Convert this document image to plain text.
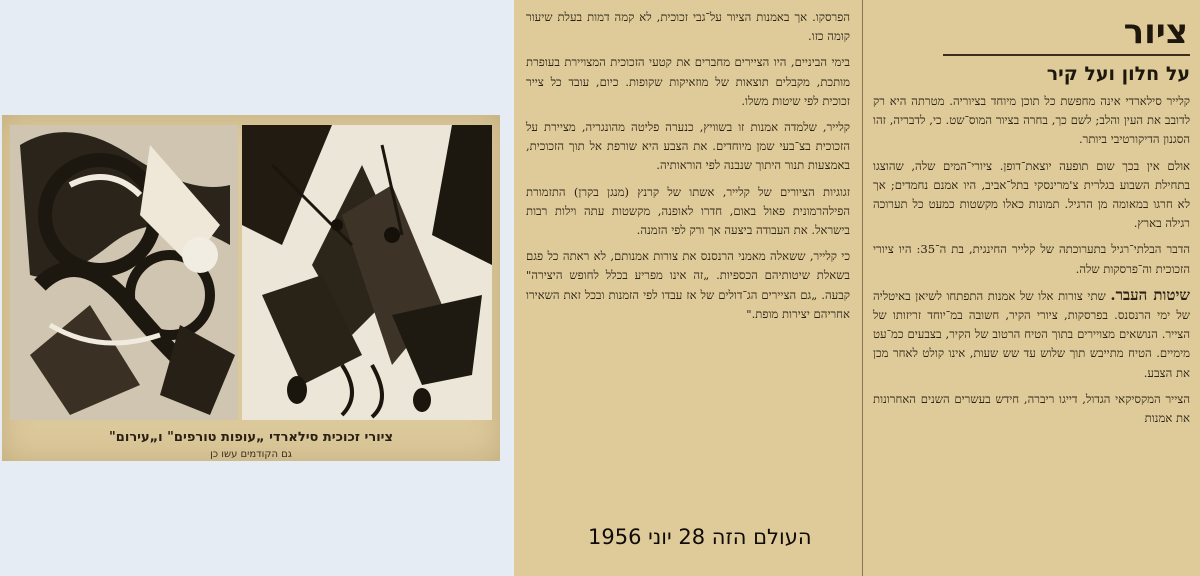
ציורי זכוכית סילארדי „עופות טורפים" ו„עירום"
גם הקודמים עשו כן
ציור
על חלון ועל קיר

קלייר סילארדי אינה מחפשת כל תוכן מיוחד בציוריה. מטרתה היא רק לדובב את העין והלב; לשם כך, בחרה בציור המוס־שט. כי, לדבריה, זהו הסגנון הדיקורטיבי ביותר.

אולם אין בכך שום תופעה יוצאת־דופן. ציורי־המים שלה, שהוצגו בתחילת השבוע בגלרית צ'מרינסקי בתל־אביב, היו אמנם נחמדים; אך לא חרגו במאומה מן הרגיל. תמונות כאלו מקשטות כמעט כל תערוכה רגילה בארץ.

הדבר הבלתי־רגיל בתערוכתה של קלייר החינגית, בת ה־35: היו ציורי הזכוכית וה־פרסקות שלה.

שיטות העבר. שתי צורות אלו של אמנות התפתחו לשיאן באיטליה של ימי הרנסנס. בפרסקות, ציורי הקיר, חשובה במ־יוחד זריזותו של הצייר. הנושאים מצויירים בתוך הטיח הרטוב של הקיר, בצבעים כמ־עט מימיים. הטיח מתייבש תוך שלוש עד שש שעות, אינו קולט לאחר מכן את הצבע.

הצייר המקסיקאי הגדול, דייגו ריברה, חידש בעשרים השנים האחרונות את אמנות

הפרסקו. אך באמנות הציור על־גבי זכוכית, לא קמה דמות בעלת שיעור קומה כזו.

בימי הביניים, היו הציירים מחברים את קטעי הזכוכית המצויירת בעופרת מותכת, מקבלים תוצאות של מוזאיקות שקופות. כיום, עובד כל צייר זכוכית לפי שיטות משלו.

קלייר, שלמדה אמנות זו בשוויץ, כנערה פליטה מהונגריה, מציירת על הזכוכית בצ־בעי שמן מיוחדים. את הצבע היא שורפת אל תוך הזכוכית, באמצעות תנור היתוך שנבנה לפי הוראותיה.

זגוגיות הציורים של קלייר, אשתו של קרנץ (מנגן בקרן) התזמורת הפילהרמונית פאול באום, חדרו לאופנה, מקשטות עתה וילות רבות בישראל. את העבודה ביצעה אך ורק לפי הזמנה.

כי קלייר, ששאלה מאמני הרנסנס את צורות אמנותם, לא ראתה כל פגם בשאלת שיטותיהם הכספיות. „זה אינו מפריע בכלל לחופש היצירה" קבעה. „גם הציירים הג־דולים של אז עבדו לפי הזמנות ובכל זאת השאירו אחריהם יצירות מופת."

העולם הזה 28 יוני 1956
